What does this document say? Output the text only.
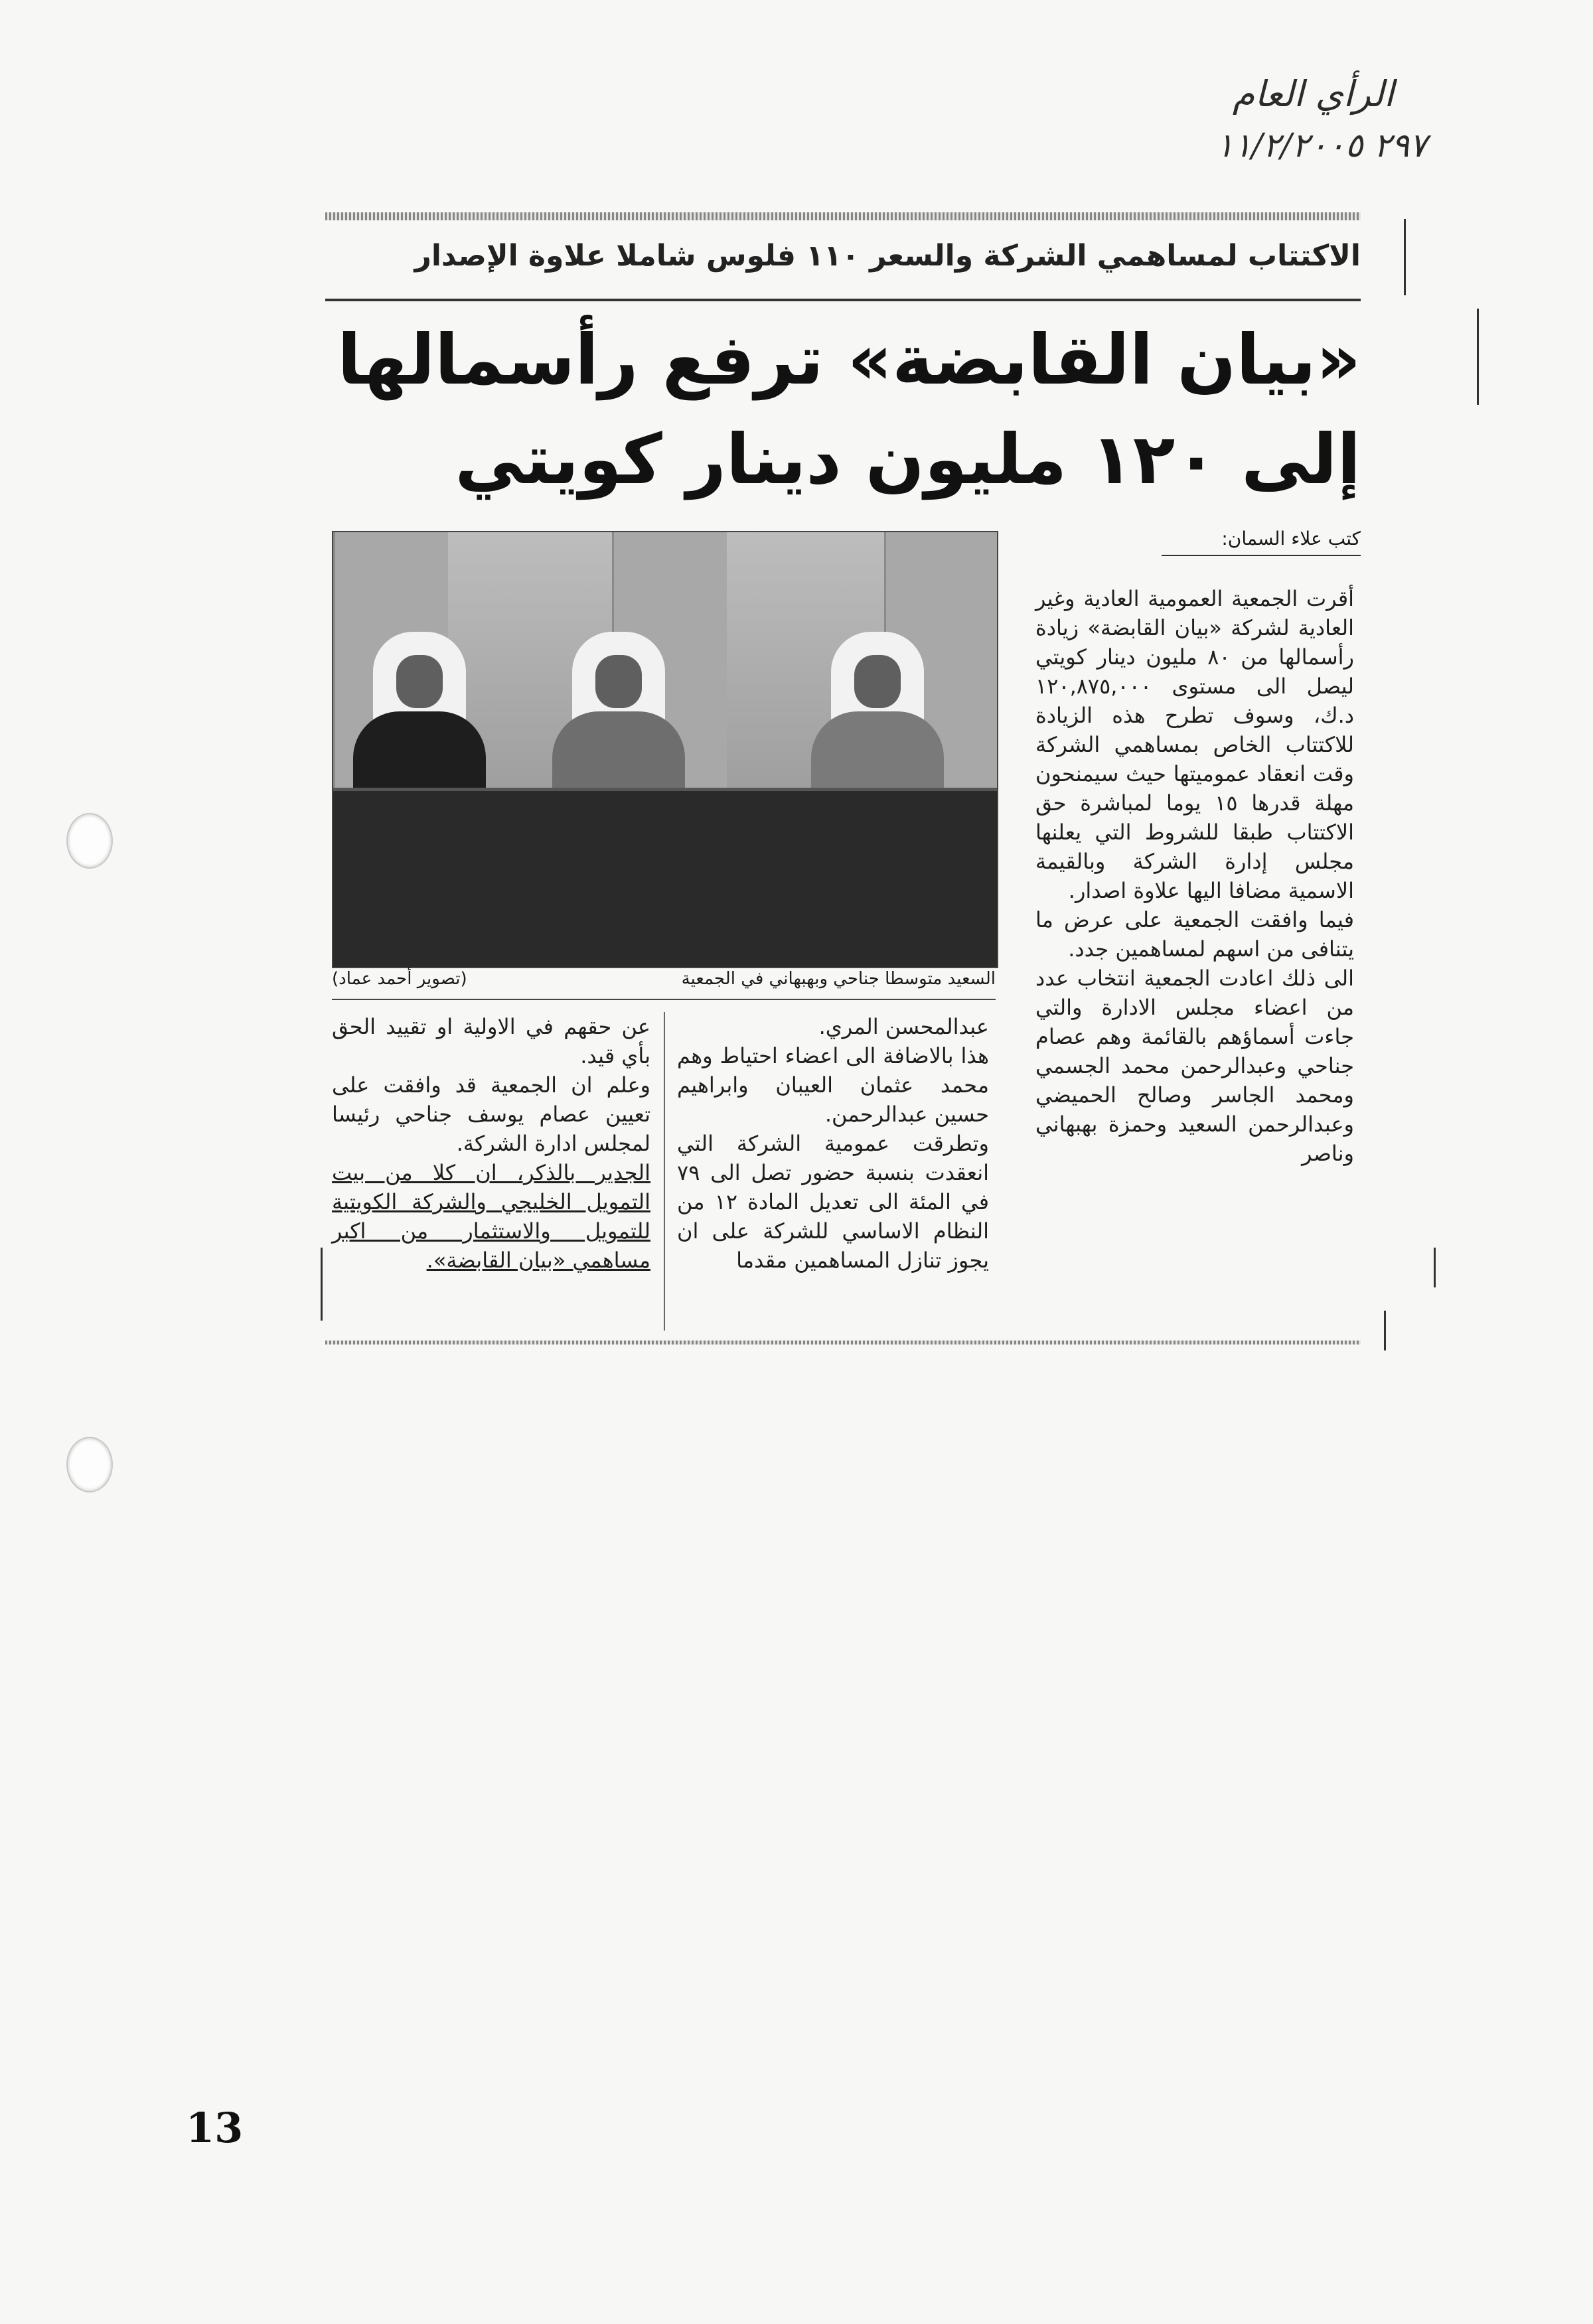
الرأي العام
٢٩٧ ١١/٢/٢٠٠٥
الاكتتاب لمساهمي الشركة والسعر ١١٠ فلوس شاملا علاوة الإصدار
«بيان القابضة» ترفع رأسمالها
إلى ١٢٠ مليون دينار كويتي
كتب علاء السمان:
السعيد متوسطا جناحي وبهبهاني في الجمعية
(تصوير أحمد عماد)

أقرت الجمعية العمومية العادية وغير العادية لشركة «بيان القابضة» زيادة رأسمالها من ٨٠ مليون دينار كويتي ليصل الى مستوى ١٢٠,٨٧٥,٠٠٠ د.ك، وسوف تطرح هذه الزيادة للاكتتاب الخاص بمساهمي الشركة وقت انعقاد عموميتها حيث سيمنحون مهلة قدرها ١٥ يوما لمباشرة حق الاكتتاب طبقا للشروط التي يعلنها مجلس إدارة الشركة وبالقيمة الاسمية مضافا اليها علاوة اصدار.

فيما وافقت الجمعية على عرض ما يتنافى من اسهم لمساهمين جدد.

الى ذلك اعادت الجمعية انتخاب عدد من اعضاء مجلس الادارة والتي جاءت أسماؤهم بالقائمة وهم عصام جناحي وعبدالرحمن محمد الجسمي ومحمد الجاسر وصالح الحميضي وعبدالرحمن السعيد وحمزة بهبهاني وناصر

عبدالمحسن المري.

هذا بالاضافة الى اعضاء احتياط وهم محمد عثمان العيبان وابراهيم حسين عبدالرحمن.

وتطرقت عمومية الشركة التي انعقدت بنسبة حضور تصل الى ٧٩ في المئة الى تعديل المادة ١٢ من النظام الاساسي للشركة على ان يجوز تنازل المساهمين مقدما

عن حقهم في الاولية او تقييد الحق بأي قيد.

وعلم ان الجمعية قد وافقت على تعيين عصام يوسف جناحي رئيسا لمجلس ادارة الشركة.

الجدير بالذكر، ان كلا من بيت التمويل الخليجي والشركة الكويتية للتمويل والاستثمار من اكبر مساهمي «بيان القابضة».

13
